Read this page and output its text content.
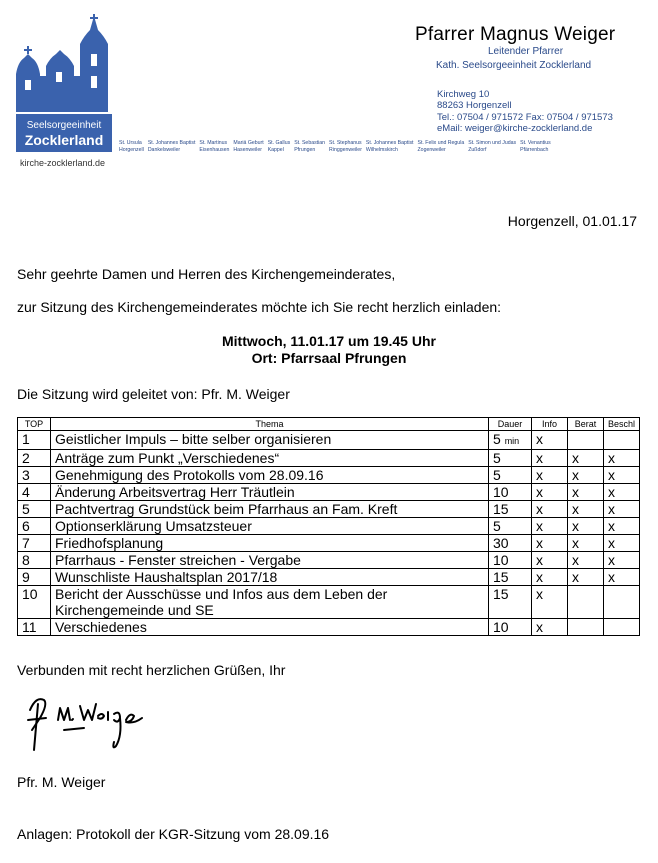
Seelsorgeeinheit
Zocklerland
kirche-zocklerland.de
Pfarrer Magnus Weiger
Leitender Pfarrer
Kath. Seelsorgeeinheit Zocklerland
Kirchweg 10
88263 Horgenzell
Tel.: 07504 / 971572 Fax: 07504 / 971573
eMail: weiger@kirche-zocklerland.de
St. Ursula
Horgenzell
St. Johannes Baptist
Dankelsweiler
St. Martinus
Eisenhausen
Mariä Geburt
Hasenweiler
St. Gallus
Kappel
St. Sebastian
Pfrungen
St. Stephanus
Ringgenweiler
St. Johannes Baptist
Wilhelmskirch
St. Felix und Regula
Zogenweiler
St. Simon und Judas
Zußdorf
St. Venantius
Pfärrenbach
Horgenzell, 01.01.17
Sehr geehrte Damen und Herren des Kirchengemeinderates,
zur Sitzung des Kirchengemeinderates möchte ich Sie recht herzlich einladen:
Mittwoch, 11.01.17 um 19.45 Uhr
Ort: Pfarrsaal Pfrungen
Die Sitzung wird geleitet von: Pfr. M. Weiger
TOP	Thema	Dauer	Info	Berat	Beschl
1	Geistlicher Impuls – bitte selber organisieren	5 min	x		
2	Anträge zum Punkt „Verschiedenes“	5	x	x	x
3	Genehmigung des Protokolls vom 28.09.16	5	x	x	x
4	Änderung Arbeitsvertrag Herr Träutlein	10	x	x	x
5	Pachtvertrag Grundstück beim Pfarrhaus an Fam. Kreft	15	x	x	x
6	Optionserklärung Umsatzsteuer	5	x	x	x
7	Friedhofsplanung	30	x	x	x
8	Pfarrhaus - Fenster streichen - Vergabe	10	x	x	x
9	Wunschliste Haushaltsplan 2017/18	15	x	x	x
10	Bericht der Ausschüsse und Infos aus dem Leben der
Kirchengemeinde und SE	15	x		
11	Verschiedenes	10	x		
Verbunden mit recht herzlichen Grüßen, Ihr
Pfr. M. Weiger
Anlagen: Protokoll der KGR-Sitzung vom 28.09.16
